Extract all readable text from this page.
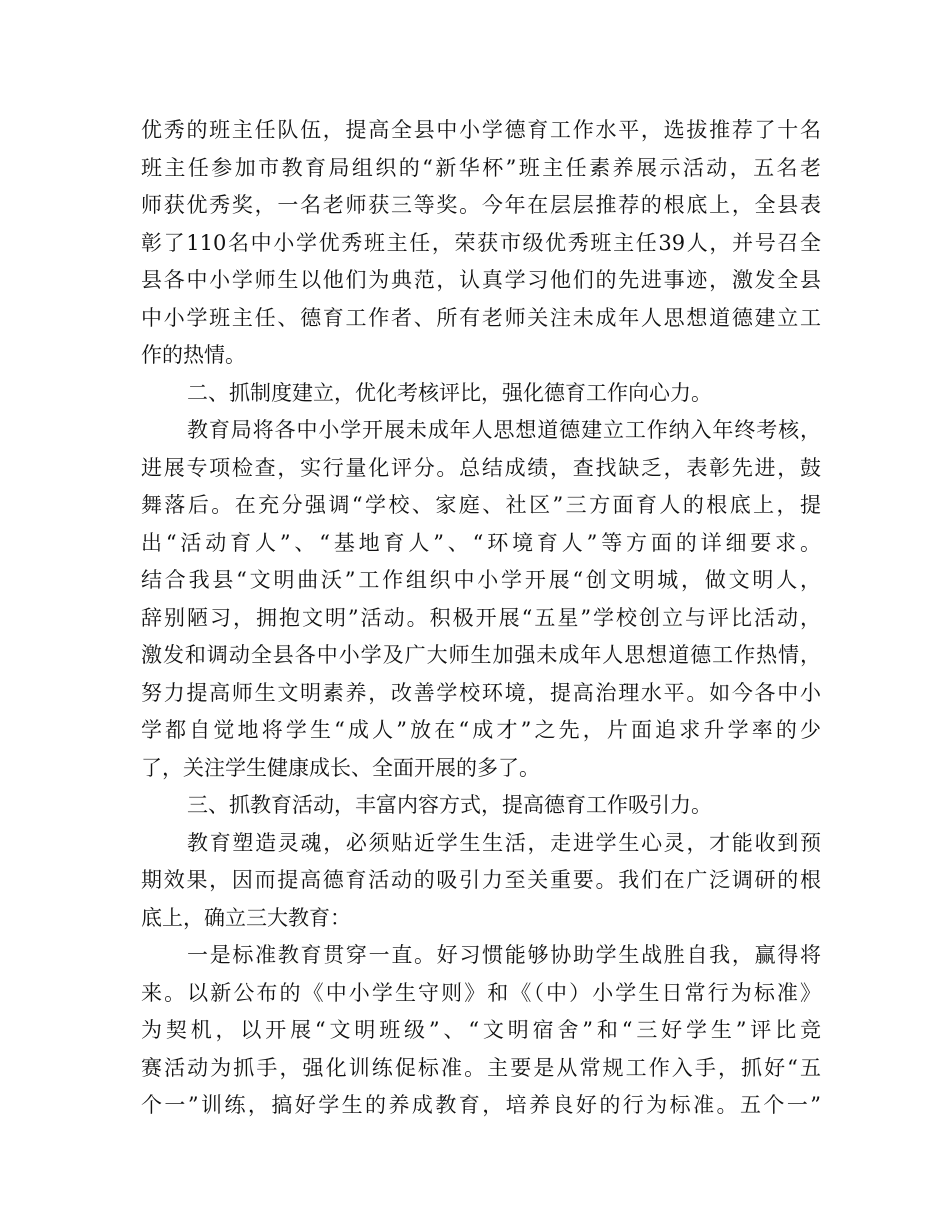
优秀的班主任队伍，提高全县中小学德育工作水平，选拔推荐了十名
班主任参加市教育局组织的“新华杯”班主任素养展示活动，五名老
师获优秀奖，一名老师获三等奖。今年在层层推荐的根底上，全县表
彰了110名中小学优秀班主任，荣获市级优秀班主任39人，并号召全
县各中小学师生以他们为典范，认真学习他们的先进事迹，激发全县
中小学班主任、德育工作者、所有老师关注未成年人思想道德建立工
作的热情。
二、抓制度建立，优化考核评比，强化德育工作向心力。
教育局将各中小学开展未成年人思想道德建立工作纳入年终考核，
进展专项检查，实行量化评分。总结成绩，查找缺乏，表彰先进，鼓
舞落后。在充分强调“学校、家庭、社区”三方面育人的根底上，提
出“活动育人”、“基地育人”、“环境育人”等方面的详细要求。
结合我县“文明曲沃”工作组织中小学开展“创文明城，做文明人，
辞别陋习，拥抱文明”活动。积极开展“五星”学校创立与评比活动，
激发和调动全县各中小学及广大师生加强未成年人思想道德工作热情，
努力提高师生文明素养，改善学校环境，提高治理水平。如今各中小
学都自觉地将学生“成人”放在“成才”之先，片面追求升学率的少
了，关注学生健康成长、全面开展的多了。
三、抓教育活动，丰富内容方式，提高德育工作吸引力。
教育塑造灵魂，必须贴近学生生活，走进学生心灵，才能收到预
期效果，因而提高德育活动的吸引力至关重要。我们在广泛调研的根
底上，确立三大教育：
一是标准教育贯穿一直。好习惯能够协助学生战胜自我，赢得将
来。以新公布的《中小学生守则》和《（中）小学生日常行为标准》
为契机，以开展“文明班级”、“文明宿舍”和“三好学生”评比竞
赛活动为抓手，强化训练促标准。主要是从常规工作入手，抓好“五
个一”训练，搞好学生的养成教育，培养良好的行为标准。五个一”
